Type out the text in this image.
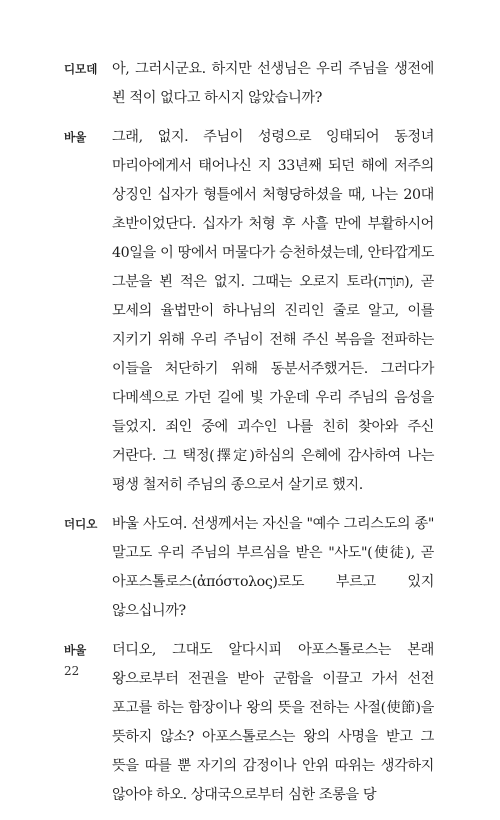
디모데	아, 그러시군요. 하지만 선생님은 우리 주님을 생전에 뵌 적이 없다고 하시지 않았습니까?
바울	그래, 없지. 주님이 성령으로 잉태되어 동정녀 마리아에게서 태어나신 지 33년째 되던 해에 저주의 상징인 십자가 형틀에서 처형당하셨을 때, 나는 20대 초반이었단다. 십자가 처형 후 사흘 만에 부활하시어 40일을 이 땅에서 머물다가 승천하셨는데, 안타깝게도 그분을 뵌 적은 없지. 그때는 오로지 토라(תּוֹרָה), 곧 모세의 율법만이 하나님의 진리인 줄로 알고, 이를 지키기 위해 우리 주님이 전해 주신 복음을 전파하는 이들을 처단하기 위해 동분서주했거든. 그러다가 다메섹으로 가던 길에 빛 가운데 우리 주님의 음성을 들었지. 죄인 중에 괴수인 나를 친히 찾아와 주신 거란다. 그 택정(擇定)하심의 은혜에 감사하여 나는 평생 철저히 주님의 종으로서 살기로 했지.
더디오	바울 사도여. 선생께서는 자신을 "예수 그리스도의 종" 말고도 우리 주님의 부르심을 받은 "사도"(使徒), 곧 아포스톨로스(ἀπόστολος)로도 부르고 있지 않으십니까?
바울	더디오, 그대도 알다시피 아포스톨로스는 본래 왕으로부터 전권을 받아 군함을 이끌고 가서 선전 포고를 하는 함장이나 왕의 뜻을 전하는 사절(使節)을 뜻하지 않소? 아포스톨로스는 왕의 사명을 받고 그 뜻을 따를 뿐 자기의 감정이나 안위 따위는 생각하지 않아야 하오. 상대국으로부터 심한 조롱을 당
22
